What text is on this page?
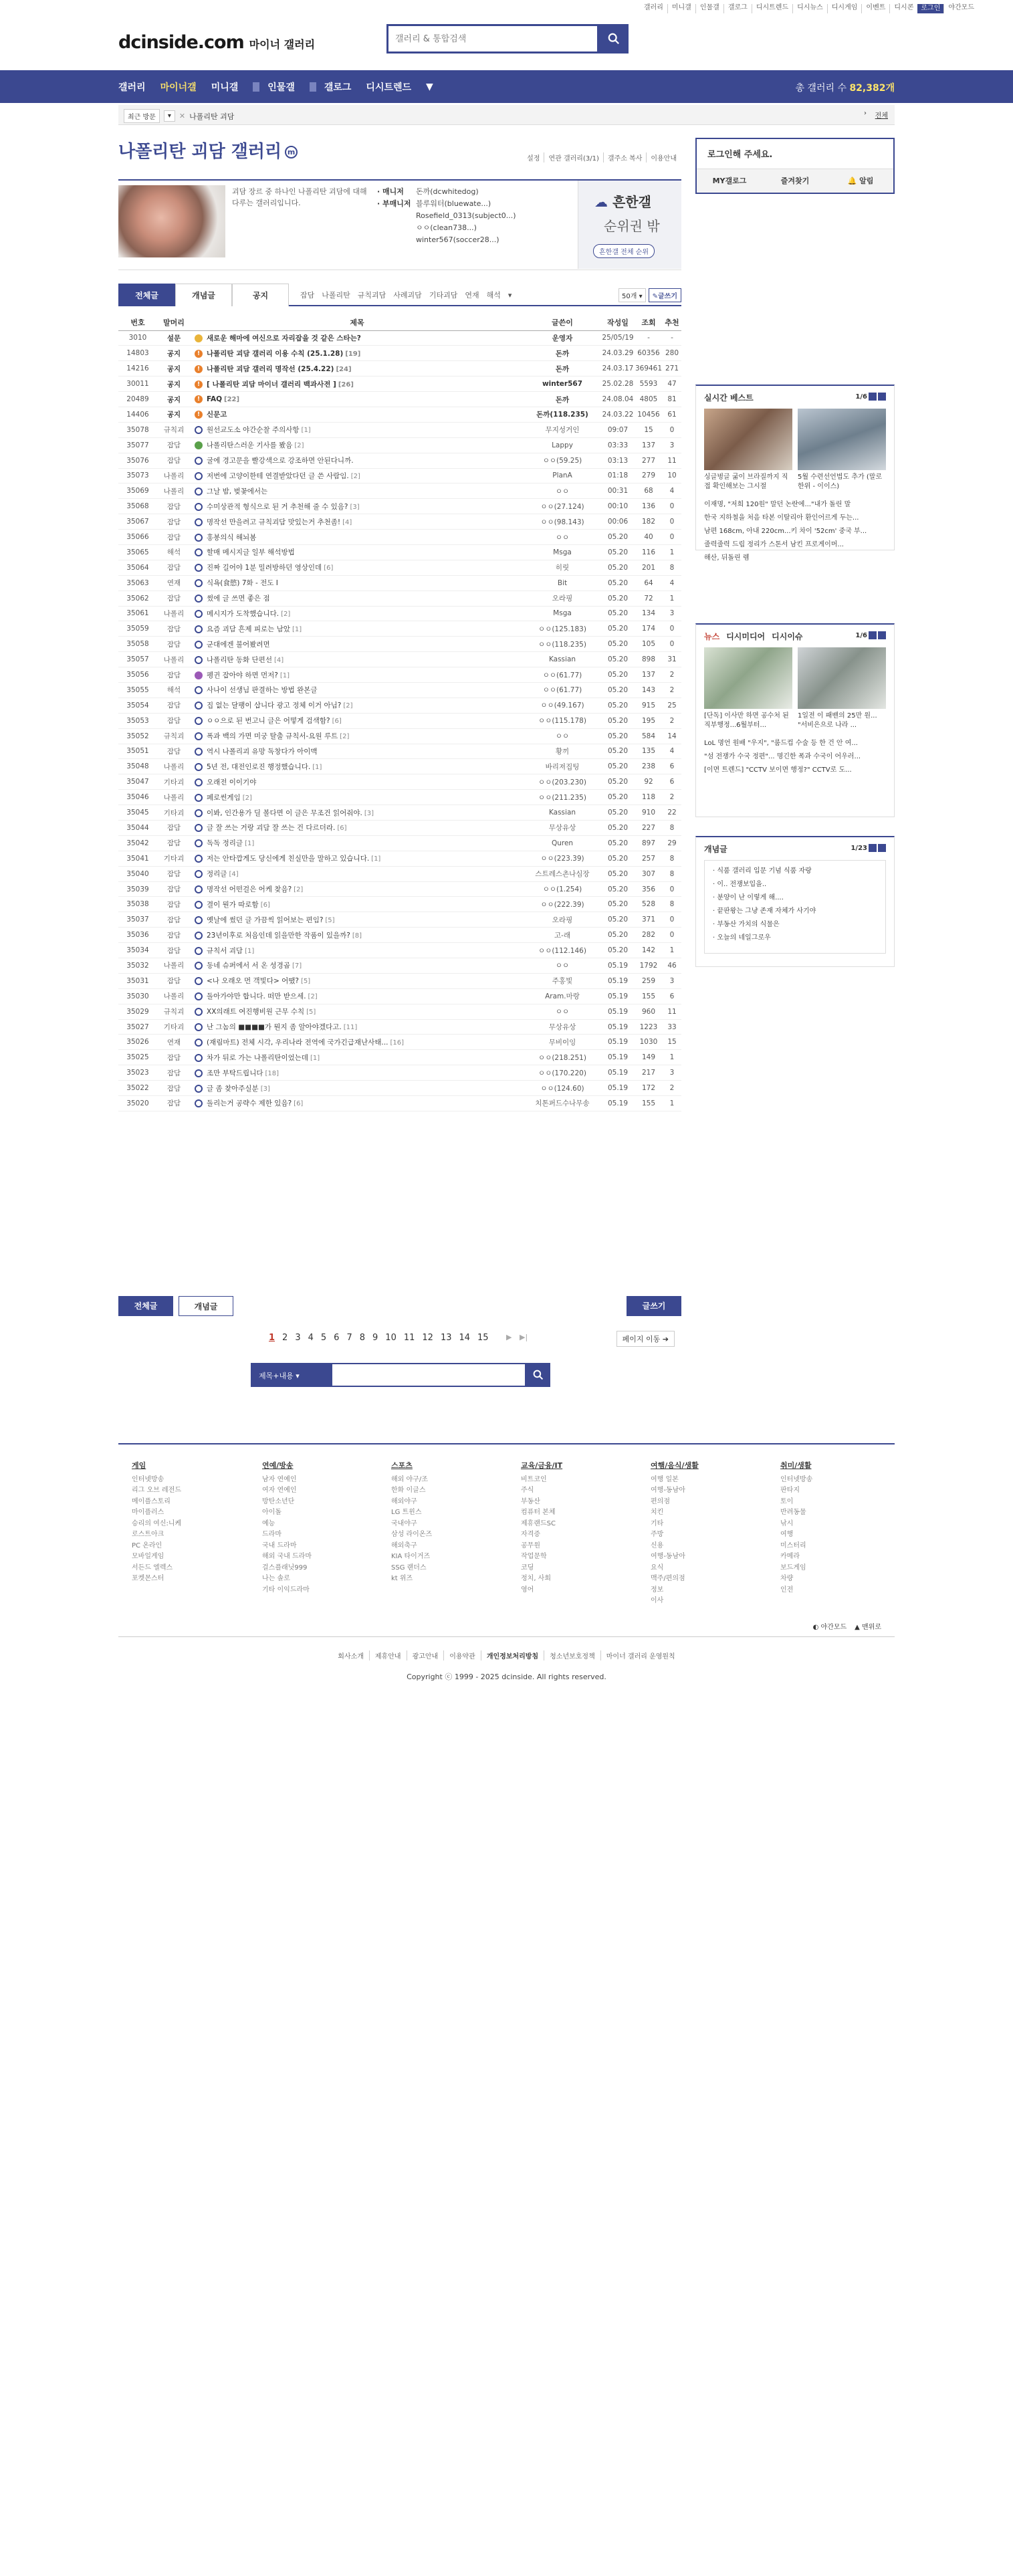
갤러리	미니갤	인물갤	갤로그	디시트렌드	디시뉴스	디시게임	이벤트	디시콘	로그인	야간모드
dcinside.com 마이너 갤러리
갤러리 & 통합검색
갤러리	마이너갤	미니갤	인물갤	갤로그	디시트렌드	▼	총 갤러리 수 82,382개
최근 방문	▾	✕ 나폴리탄 괴담	› 전체
나폴리탄 괴담 갤러리 m
설정	연관 갤러리(3/1)	갤주소 복사	이용안내
괴담 장르 중 하나인 나폴리탄 괴담에 대해 다루는 갤러리입니다.
· 매니저	돈까(dcwhitedog)
· 부매니저 블루워터(bluewate...)
Rosefield_0313(subject0...)
ㅇㅇ(clean738...)
winter567(soccer28...)
☁ 흔한갤
순위권 밖
흔한갤 전체 순위
로그인해 주세요.
MY갤로그	즐겨찾기	🔔 알림
전체글	개념글	공지	잡담 나폴리탄 규칙괴담 사례괴담 기타괴담 연재 해석 ▾	50개 ▾	✎글쓰기
번호	말머리	제목	글쓴이	작성일	조회	추천
3010	설문	새로운 해마에 여신으로 자리잡을 것 같은 스타는?	운영자	25/05/19	-	-
14803	공지	! 나폴리탄 괴담 갤러리 이용 수칙 (25.1.28) [19]	돈까	24.03.29	60356	280
14216	공지	! 나폴리탄 괴담 갤러리 명작선 (25.4.22) [24]	돈까	24.03.17	369461	271
30011	공지	! [ 나폴리탄 괴담 마이너 갤러리 백과사전 ] [26]	winter567	25.02.28	5593	47
20489	공지	! FAQ [22]	돈까	24.08.04	4805	81
14406	공지	! 신문고	돈까(118.235)	24.03.22	10456	61
35078	규칙괴	원선교도소 야간순찰 주의사항 [1]	무지성거인	09:07	15	0
35077	잡담	나폴리탄스러운 기사를 봤음 [2]	Lappy	03:33	137	3
35076	잡담	굴에 경고문을 빨강색으로 강조하면 안된다니까.	ㅇㅇ(59.25)	03:13	277	11
35073	나폴리	저번에 고양이한테 연결받았다던 글 쓴 사람임. [2]	PlanA	01:18	279	10
35069	나폴리	그날 밤, 벚꽃에서는	ㅇㅇ	00:31	68	4
35068	잡담	수미상관적 형식으로 된 거 추천해 줄 수 있음? [3]	ㅇㅇ(27.124)	00:10	136	0
35067	잡담	명작선 만을려고 규칙괴담 맛있는거 추천좀! [4]	ㅇㅇ(98.143)	00:06	182	0
35066	잡담	홍봉의식 해뇌봄	ㅇㅇ	05.20	40	0
35065	해석	할매 메시지글 일부 해석방법	Msga	05.20	116	1
35064	잡담	진짜 길어야 1분 밀려방하던 영상인데 [6]	히릿	05.20	201	8
35063	연재	식욕(食慾) 7화 - 전도 I	Bit	05.20	64	4
35062	잡담	썼에 글 쓰면 좋은 점	오라핑	05.20	72	1
35061	나폴리	메시지가 도착했습니다. [2]	Msga	05.20	134	3
35059	잡담	요즘 괴담 흔제 피로는 남았 [1]	ㅇㅇ(125.183)	05.20	174	0
35058	잡담	군대에겐 불어봤려면	ㅇㅇ(118.235)	05.20	105	0
35057	나폴리	나폴리탄 동화 단편선 [4]	Kassian	05.20	898	31
35056	잡담	펭귄 잡아야 하면 먼저? [1]	ㅇㅇ(61.77)	05.20	137	2
35055	해석	사나이 선생님 판결하는 방법 완본글	ㅇㅇ(61.77)	05.20	143	2
35054	잡담	집 없는 달팽이 삽니다 광고 정체 이거 아님? [2]	ㅇㅇ(49.167)	05.20	915	25
35053	잡담	ㅇㅇ으로 된 번고니 글은 어떻게 검색함? [6]	ㅇㅇ(115.178)	05.20	195	2
35052	규칙괴	폭과 백의 가면 미궁 탈출 규칙서-요원 루트 [2]	ㅇㅇ	05.20	584	14
35051	잡담	역시 나폴리괴 유망 독창다가 아이맥	황끼	05.20	135	4
35048	나폴리	5년 전, 대전인로진 행정했습니다. [1]	바리져집팅	05.20	238	6
35047	기타괴	오래전 이이기야	ㅇㅇ(203.230)	05.20	92	6
35046	나폴리	페로썬게임 [2]	ㅇㅇ(211.235)	05.20	118	2
35045	기타괴	이봐, 인간용가 딜 볼다면 이 글은 무조건 읽어줘야. [3]	Kassian	05.20	910	22
35044	잡담	글 잘 쓰는 거랑 괴담 잘 쓰는 건 다르더라. [6]	무상유상	05.20	227	8
35042	잡담	독독 정리글 [1]	Quren	05.20	897	29
35041	기타괴	저는 안타깝게도 당신에게 친실만을 말하고 있습니다. [1]	ㅇㅇ(223.39)	05.20	257	8
35040	잡담	정리글 [4]	스트레스촌나심장	05.20	307	8
35039	잡담	명작선 어떤걸은 어케 찾음? [2]	ㅇㅇ(1.254)	05.20	356	0
35038	잡담	결이 뭔가 따로함 [6]	ㅇㅇ(222.39)	05.20	528	8
35037	잡담	옛날에 썼던 글 가끔씩 읽어보는 편임? [5]	오라핑	05.20	371	0
35036	잡담	23년이후로 처음인데 읽을만한 작품이 있을까? [8]	고-래	05.20	282	0
35034	잡담	규칙서 괴담 [1]	ㅇㅇ(112.146)	05.20	142	1
35032	나폴리	동네 슈퍼에서 서 온 성경곱 [7]	ㅇㅇ	05.19	1792	46
35031	잡담	<나 오래오 먼 객빛다> 어땠? [5]	주홍빛	05.19	259	3
35030	나폴리	돌아가야만 합니다. 떠만 받으세. [2]	Aram.마랑	05.19	155	6
35029	규칙괴	XX의래트 여진행비원 근무 수칙 [5]	ㅇㅇ	05.19	960	11
35027	기타괴	난 그놈의 ■■■■가 뭔지 좀 알아야겠다고. [11]	무상유상	05.19	1223	33
35026	연재	(재림마트) 전체 시각, 우리나라 전역에 국가긴급재난사태... [16]	무비이잉	05.19	1030	15
35025	잡담	차가 뒤로 가는 나폴리탄이었는데 [1]	ㅇㅇ(218.251)	05.19	149	1
35023	잡담	조만 부탁드립니다 [18]	ㅇㅇ(170.220)	05.19	217	3
35022	잡담	글 좀 찾아주실분 [3]	ㅇㅇ(124.60)	05.19	172	2
35020	잡담	돌리는거 공략수 제한 있음? [6]	치톤퍼드수나무송	05.19	155	1
전체글	개념글	글쓰기
1 2 3 4 5 6 7 8 9 10 11 12 13 14 15 ▶ ▶|	페이지 이동 ➔
제목+내용 ▾
실시간 베스트	1/6
싱글벙글 굶이 브라질까지 직접 확인해보는 그시절
5월 수련선언법도 추가 (말로한위 - 이이스)
이재명, "저희 120원" 말던 논란에..."내가 돌린 말
한국 지하철을 처음 타본 이탈리아 환인어르게 두는...
남편 168cm, 아내 220cm...키 차이 '52cm' 중국 부...
줄력줄력 드립 정리가 스톤서 남킨 프로게이머...
해산, 뒤돌린 렘
뉴스 디시미디어 디시이슈	1/6
[단독] 이사만 하면 공수처 된 직부행정...6월부터...
1일전 이 패밴의 25만 원... "서비은으로 나라 ...
LoL 명언 원배 "우지", "룸드컵 수술 등 한 건 안 여...
"섬 전쟁가 수국 정편"... 명긴한 폭과 수국이 어우러...
[이면 트렌드] "CCTV 보이면 행정?" CCTV로 도...
개념글	1/23
· 식품 갤러리 입문 기념 식품 자랑
· 이.. 전쟁보입을..
· 분양이 난 이렇게 해....
· 끝판왕는 그냥 존재 자체가 사기야
· 부동산 가치의 식물은
· 오늘의 네일그로우
◐ 야간모드 ▲ 맨위로
게임
인터넷방송
리그 오브 레전드
메이플스토리
마이플러스
승리의 여신:니케
로스트아크
PC 온라인
모바일게임
서든드 엘렉스
포켓몬스터
연예/방송
남자 연예인
여자 연예인
방탄소년단
아이돌
예능
드라마
국내 드라마
해외 국내 드라마
걸스플래닛999
나는 솔로
기타 이익드라마
스포츠
해외 야구/조
한화 이글스
해외야구
LG 트윈스
국내야구
삼성 라이온즈
해외축구
KIA 타이거즈
SSG 랜더스
kt 위즈
교육/금융/IT
비트코인
주식
부동산
컴퓨터 본체
제휴랜드SC
자격증
공무원
작업문학
코딩
정치, 사회
영어
여행/음식/생활
여행 일본
여행-동남아
편의점
치킨
기타
주방
신용
여행-동남아
요식
맥주/편의점
정보
이사
취미/생활
인터넷방송
판타지
토이
반려동물
낚시
여행
미스터리
카메라
보드게임
차량
인전
회사소개	제휴안내	광고안내	이용약관	개인정보처리방침	청소년보호정책	마이너 갤러리 운영원칙
Copyright ⓒ 1999 - 2025 dcinside. All rights reserved.
